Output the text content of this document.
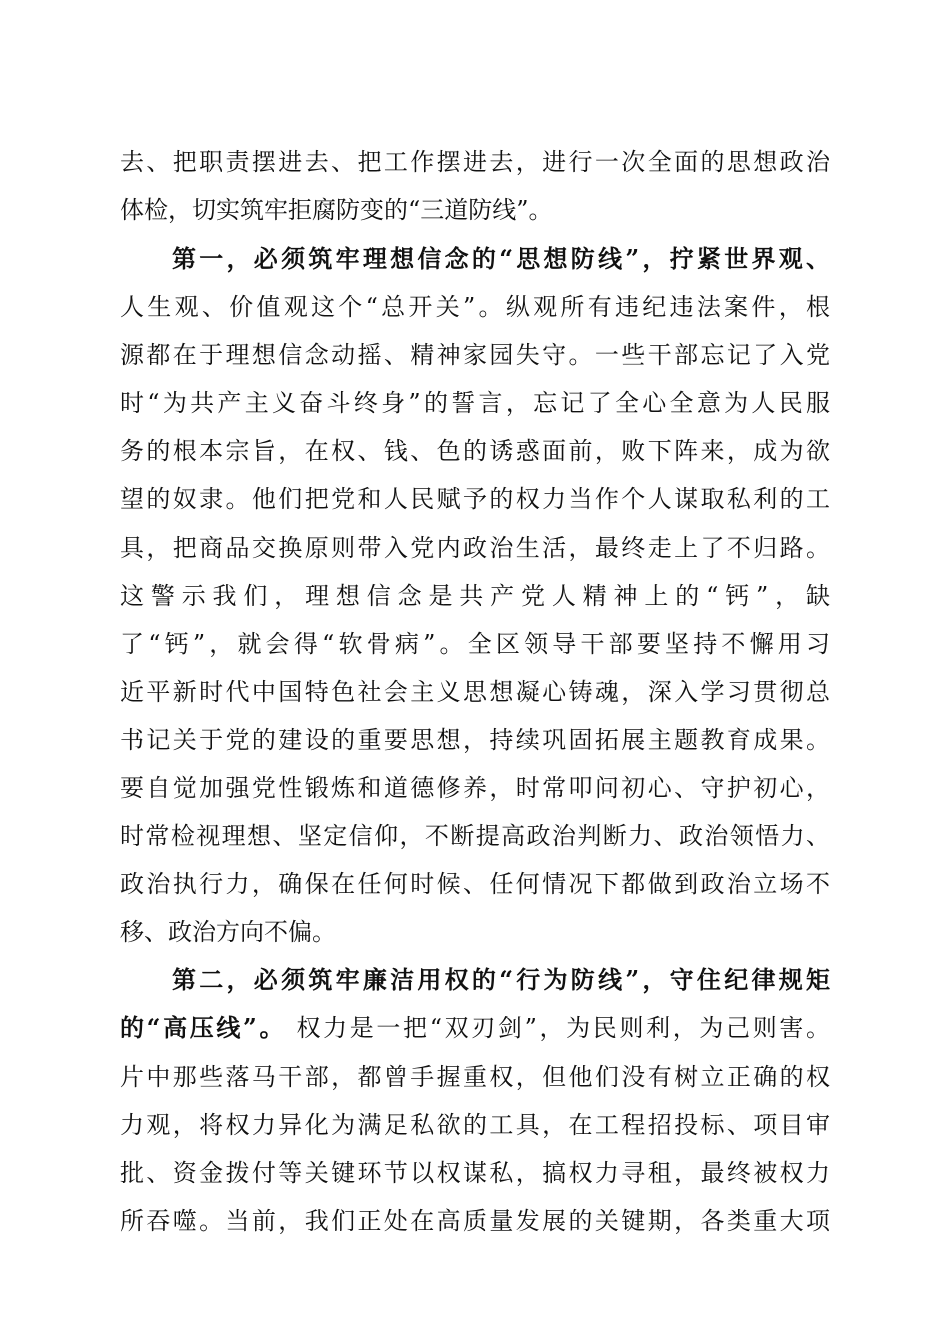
去、把职责摆进去、把工作摆进去，进行一次全面的思想政治
体检，切实筑牢拒腐防变的“三道防线”。
第一，必须筑牢理想信念的“思想防线”，拧紧世界观、
人生观、价值观这个“总开关”。纵观所有违纪违法案件，根
源都在于理想信念动摇、精神家园失守。一些干部忘记了入党
时“为共产主义奋斗终身”的誓言，忘记了全心全意为人民服
务的根本宗旨，在权、钱、色的诱惑面前，败下阵来，成为欲
望的奴隶。他们把党和人民赋予的权力当作个人谋取私利的工
具，把商品交换原则带入党内政治生活，最终走上了不归路。
这警示我们，理想信念是共产党人精神上的“钙”，缺
了“钙”，就会得“软骨病”。全区领导干部要坚持不懈用习
近平新时代中国特色社会主义思想凝心铸魂，深入学习贯彻总
书记关于党的建设的重要思想，持续巩固拓展主题教育成果。
要自觉加强党性锻炼和道德修养，时常叩问初心、守护初心，
时常检视理想、坚定信仰，不断提高政治判断力、政治领悟力、
政治执行力，确保在任何时候、任何情况下都做到政治立场不
移、政治方向不偏。
第二，必须筑牢廉洁用权的“行为防线”，守住纪律规矩
的“高压线”。 权力是一把“双刃剑”，为民则利，为己则害。
片中那些落马干部，都曾手握重权，但他们没有树立正确的权
力观，将权力异化为满足私欲的工具，在工程招投标、项目审
批、资金拨付等关键环节以权谋私，搞权力寻租，最终被权力
所吞噬。当前，我们正处在高质量发展的关键期，各类重大项
